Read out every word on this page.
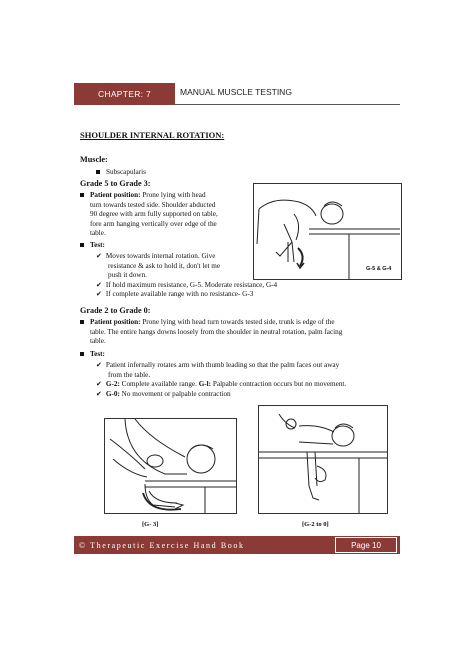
CHAPTER: 7	MANUAL MUSCLE TESTING
SHOULDER INTERNAL ROTATION:
Muscle:
Subscapularis
Grade 5 to Grade 3:
Patient position: Prone lying with head
turn towards tested side. Shoulder abducted
90 degree with arm fully supported on table,
fore arm hanging vertically over edge of the
table.
Test:
✔ Moves towards internal rotation. Give
resistance & ask to hold it, don't let me
push it down.
✔ If hold maximum resistance, G-5. Moderate resistance, G-4
✔ If complete available range with no resistance- G-3
G-5 & G-4
Grade 2 to Grade 0:
Patient position: Prone lying with head turn towards tested side, trunk is edge of the
table. The entire hangs downs loosely from the shoulder in neutral rotation, palm facing
table.
Test:
✔ Patient infernally rotates arm with thumb leading so that the palm faces out away
from the table.
✔ G-2: Complete available range. G-l: Palpable contraction occurs but no movement.
✔ G-0: No movement or palpable contraction
[G- 3]	[G-2 to 0]
© Therapeutic Exercise Hand Book	Page 10
